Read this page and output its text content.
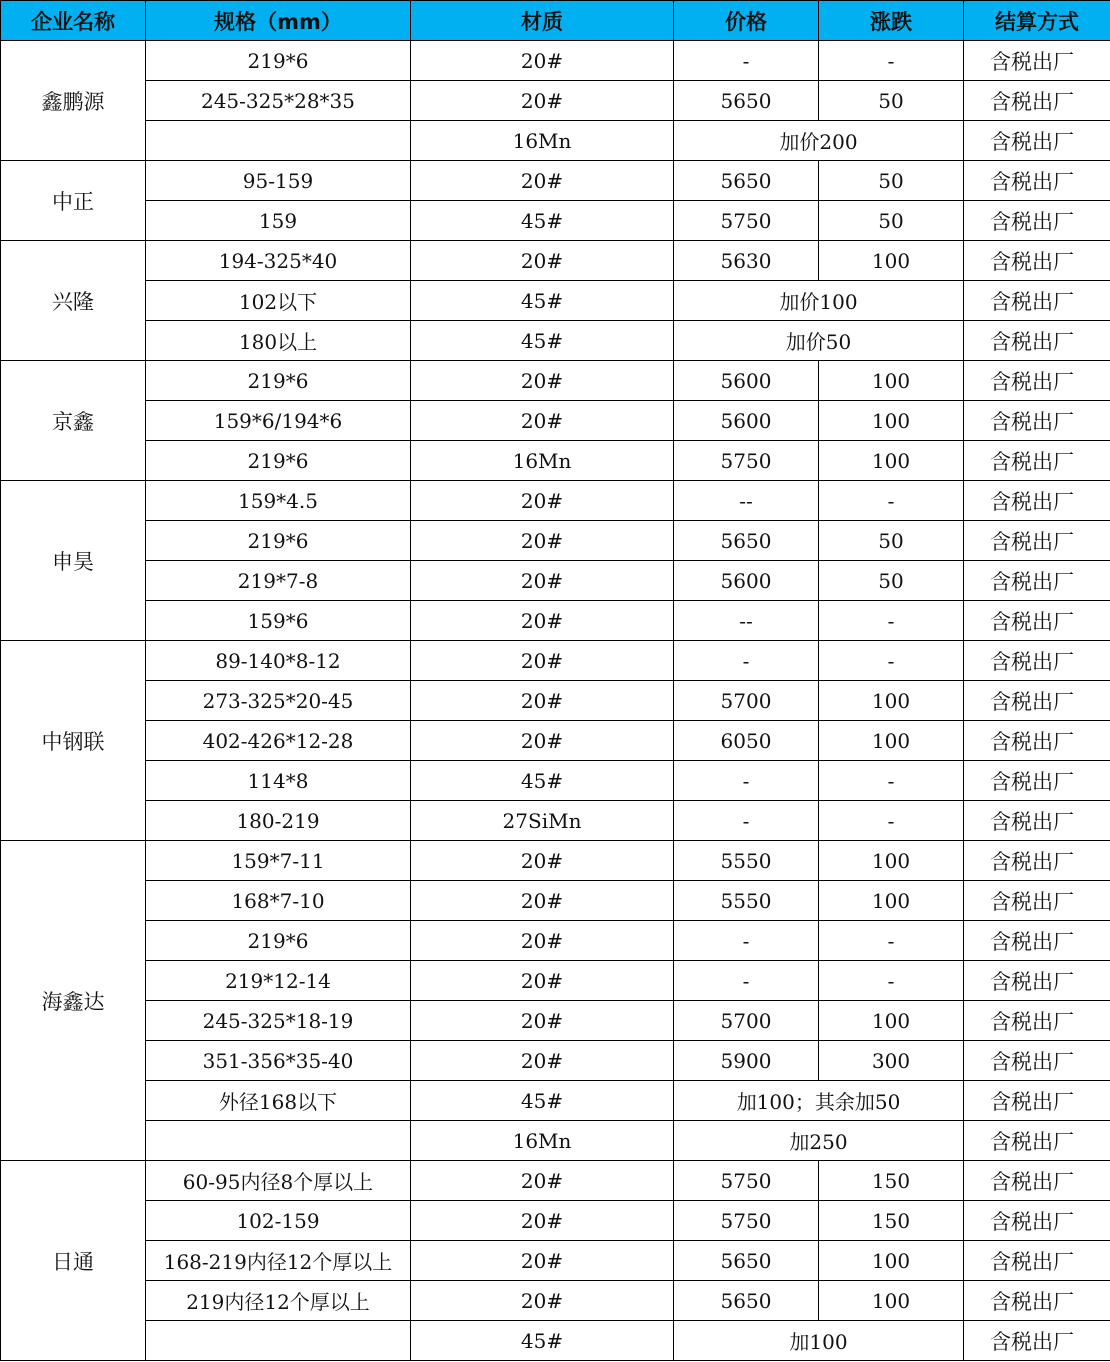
企业名称	规格（mm）	材质	价格	涨跌	结算方式
鑫鹏源	219*6	20#	-	-	含税出厂
	245-325*28*35	20#	5650	50	含税出厂
		16Mn	加价200		含税出厂
中正	95-159	20#	5650	50	含税出厂
	159	45#	5750	50	含税出厂
兴隆	194-325*40	20#	5630	100	含税出厂
	102以下	45#	加价100		含税出厂
	180以上	45#	加价50		含税出厂
京鑫	219*6	20#	5600	100	含税出厂
	159*6/194*6	20#	5600	100	含税出厂
	219*6	16Mn	5750	100	含税出厂
申昊	159*4.5	20#	--	-	含税出厂
	219*6	20#	5650	50	含税出厂
	219*7-8	20#	5600	50	含税出厂
	159*6	20#	--	-	含税出厂
中钢联	89-140*8-12	20#	-	-	含税出厂
	273-325*20-45	20#	5700	100	含税出厂
	402-426*12-28	20#	6050	100	含税出厂
	114*8	45#	-	-	含税出厂
	180-219	27SiMn	-	-	含税出厂
海鑫达	159*7-11	20#	5550	100	含税出厂
	168*7-10	20#	5550	100	含税出厂
	219*6	20#	-	-	含税出厂
	219*12-14	20#	-	-	含税出厂
	245-325*18-19	20#	5700	100	含税出厂
	351-356*35-40	20#	5900	300	含税出厂
	外径168以下	45#	加100；其余加50		含税出厂
		16Mn	加250		含税出厂
日通	60-95内径8个厚以上	20#	5750	150	含税出厂
	102-159	20#	5750	150	含税出厂
	168-219内径12个厚以上	20#	5650	100	含税出厂
	219内径12个厚以上	20#	5650	100	含税出厂
		45#	加100		含税出厂
